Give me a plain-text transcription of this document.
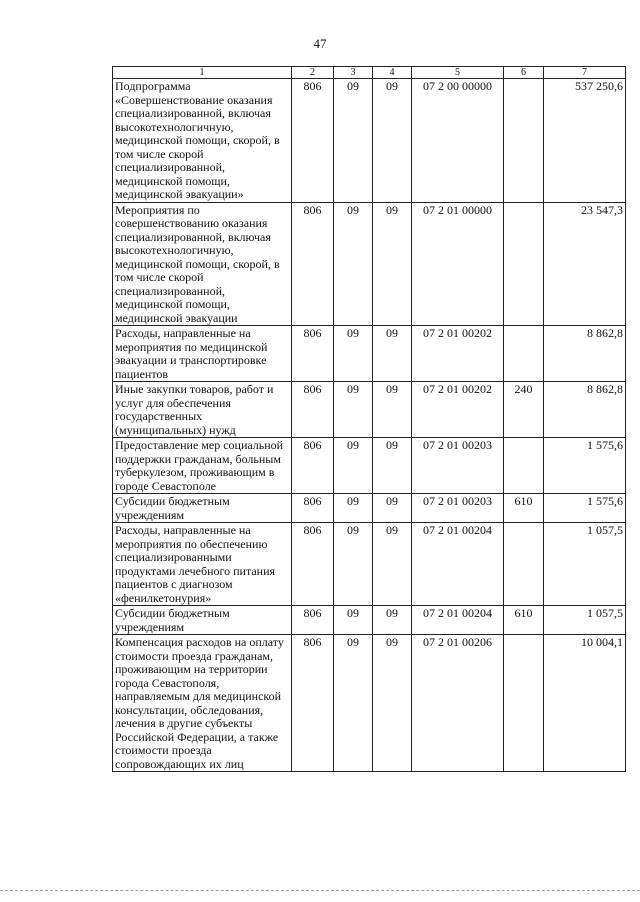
47
1	2	3	4	5	6	7
Подпрограмма «Совершенствование оказания специализированной, включая высокотехнологичную, медицинской помощи, скорой, в том числе скорой специализированной, медицинской помощи, медицинской эвакуации»	806	09	09	07 2 00 00000		537 250,6
Мероприятия по совершенствованию оказания специализированной, включая высокотехнологичную, медицинской помощи, скорой, в том числе скорой специализированной, медицинской помощи, медицинской эвакуации	806	09	09	07 2 01 00000		23 547,3
Расходы, направленные на мероприятия по медицинской эвакуации и транспортировке пациентов	806	09	09	07 2 01 00202		8 862,8
Иные закупки товаров, работ и услуг для обеспечения государственных (муниципальных) нужд	806	09	09	07 2 01 00202	240	8 862,8
Предоставление мер социальной поддержки гражданам, больным туберкулезом, проживающим в городе Севастополе	806	09	09	07 2 01 00203		1 575,6
Субсидии бюджетным учреждениям	806	09	09	07 2 01 00203	610	1 575,6
Расходы, направленные на мероприятия по обеспечению специализированными продуктами лечебного питания пациентов с диагнозом «фенилкетонурия»	806	09	09	07 2 01 00204		1 057,5
Субсидии бюджетным учреждениям	806	09	09	07 2 01 00204	610	1 057,5
Компенсация расходов на оплату стоимости проезда гражданам, проживающим на территории города Севастополя, направляемым для медицинской консультации, обследования, лечения в другие субъекты Российской Федерации, а также стоимости проезда сопровождающих их лиц	806	09	09	07 2 01 00206		10 004,1
